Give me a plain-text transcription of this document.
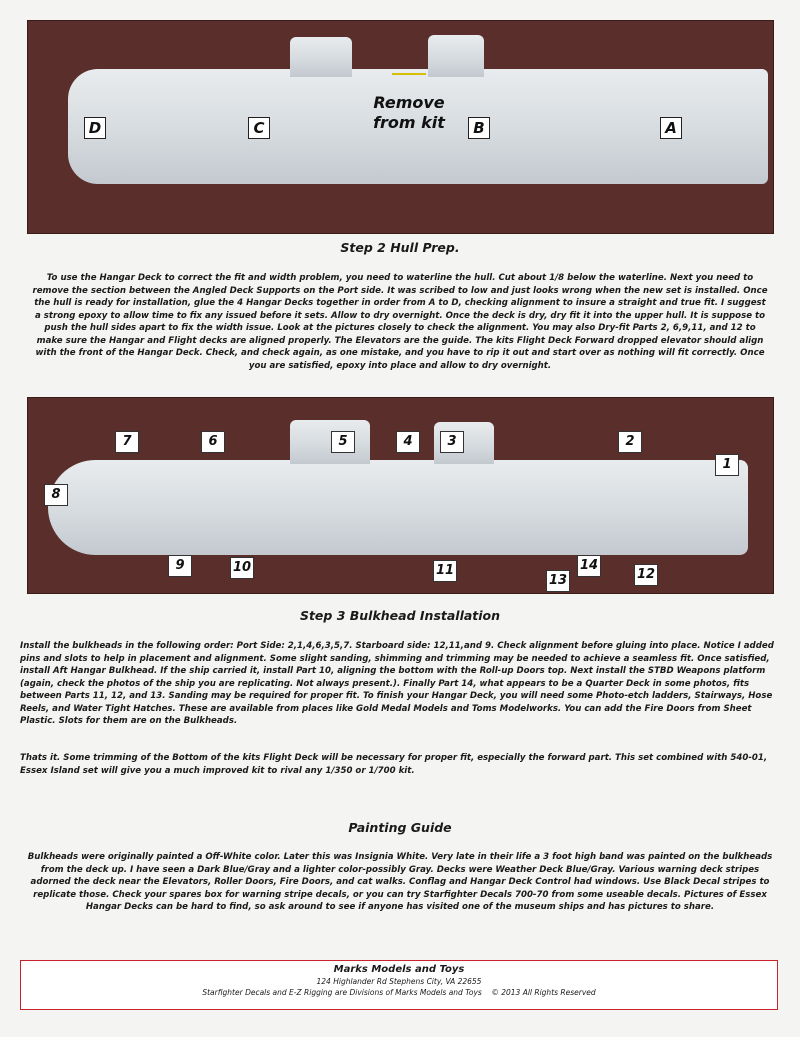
D	C	B	A
Remove from kit
Step 2 Hull Prep.

To use the Hangar Deck to correct the fit and width problem, you need to waterline the hull. Cut about 1/8 below the waterline. Next you need to remove the section between the Angled Deck Supports on the Port side. It was scribed to low and just looks wrong when the new set is installed. Once the hull is ready for installation, glue the 4 Hangar Decks together in order from A to D, checking alignment to insure a straight and true fit. I suggest a strong epoxy to allow time to fix any issued before it sets. Allow to dry overnight. Once the deck is dry, dry fit it into the upper hull. It is suppose to push the hull sides apart to fix the width issue. Look at the pictures closely to check the alignment. You may also Dry-fit Parts 2, 6,9,11, and 12 to make sure the Hangar and Flight decks are aligned properly. The Elevators are the guide. The kits Flight Deck Forward dropped elevator should align with the front of the Hangar Deck. Check, and check again, as one mistake, and you have to rip it out and start over as nothing will fit correctly. Once you are satisfied, epoxy into place and allow to dry overnight.

7	6	5	4	3	2
1
8
9	10	11
13
14
12
Step 3 Bulkhead Installation

Install the bulkheads in the following order: Port Side: 2,1,4,6,3,5,7. Starboard side: 12,11,and 9. Check alignment before gluing into place. Notice I added pins and slots to help in placement and alignment. Some slight sanding, shimming and trimming may be needed to achieve a seamless fit. Once satisfied, install Aft Hangar Bulkhead. If the ship carried it, install Part 10, aligning the bottom with the Roll-up Doors top. Next install the STBD Weapons platform (again, check the photos of the ship you are replicating. Not always present.). Finally Part 14, what appears to be a Quarter Deck in some photos, fits between Parts 11, 12, and 13. Sanding may be required for proper fit. To finish your Hangar Deck, you will need some Photo-etch ladders, Stairways, Hose Reels, and Water Tight Hatches. These are available from places like Gold Medal Models and Toms Modelworks. You can add the Fire Doors from Sheet Plastic. Slots for them are on the Bulkheads.

Thats it. Some trimming of the Bottom of the kits Flight Deck will be necessary for proper fit, especially the forward part. This set combined with 540-01, Essex Island set will give you a much improved kit to rival any 1/350 or 1/700 kit.

Painting Guide

Bulkheads were originally painted a Off-White color. Later this was Insignia White. Very late in their life a 3 foot high band was painted on the bulkheads from the deck up. I have seen a Dark Blue/Gray and a lighter color-possibly Gray. Decks were Weather Deck Blue/Gray. Various warning deck stripes adorned the deck near the Elevators, Roller Doors, Fire Doors, and cat walks. Conflag and Hangar Deck Control had windows. Use Black Decal stripes to replicate those. Check your spares box for warning stripe decals, or you can try Starfighter Decals 700-70 from some useable decals. Pictures of Essex Hangar Decks can be hard to find, so ask around to see if anyone has visited one of the museum ships and has pictures to share.

Marks Models and Toys
124 Highlander Rd Stephens City, VA 22655
Starfighter Decals and E-Z Rigging are Divisions of Marks Models and Toys © 2013 All Rights Reserved
